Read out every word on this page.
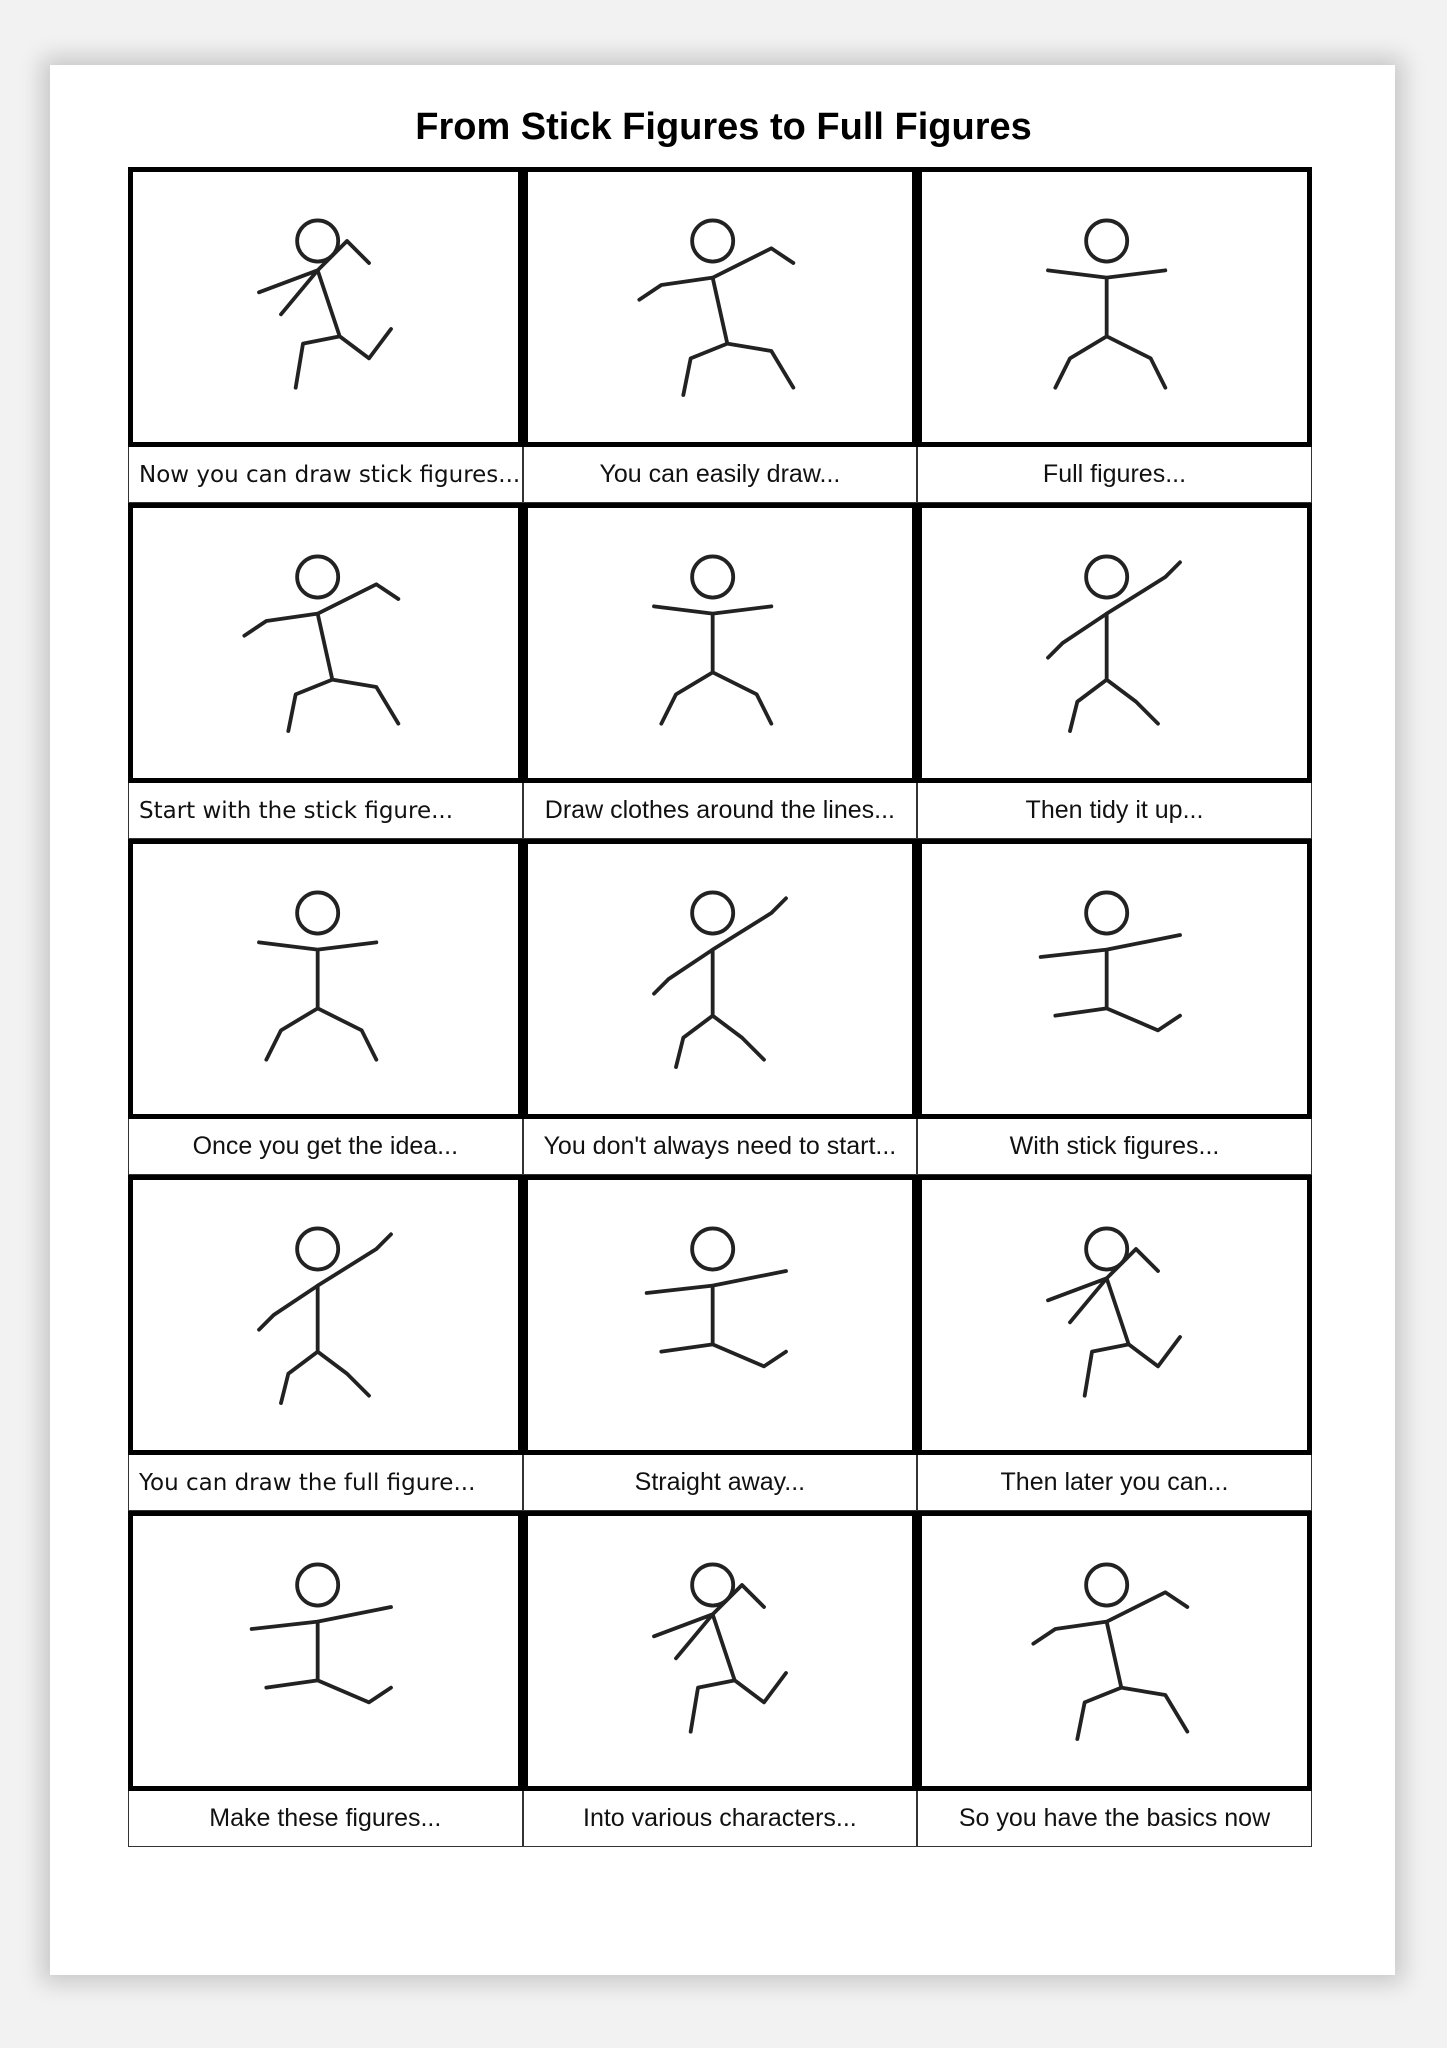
From Stick Figures to Full Figures
Now you can draw stick figures...	You can easily draw...	Full figures...
Start with the stick figure...	Draw clothes around the lines...	Then tidy it up...
Once you get the idea...	You don't always need to start...	With stick figures...
You can draw the full figure...	Straight away...	Then later you can...
Make these figures...	Into various characters...	So you have the basics now
